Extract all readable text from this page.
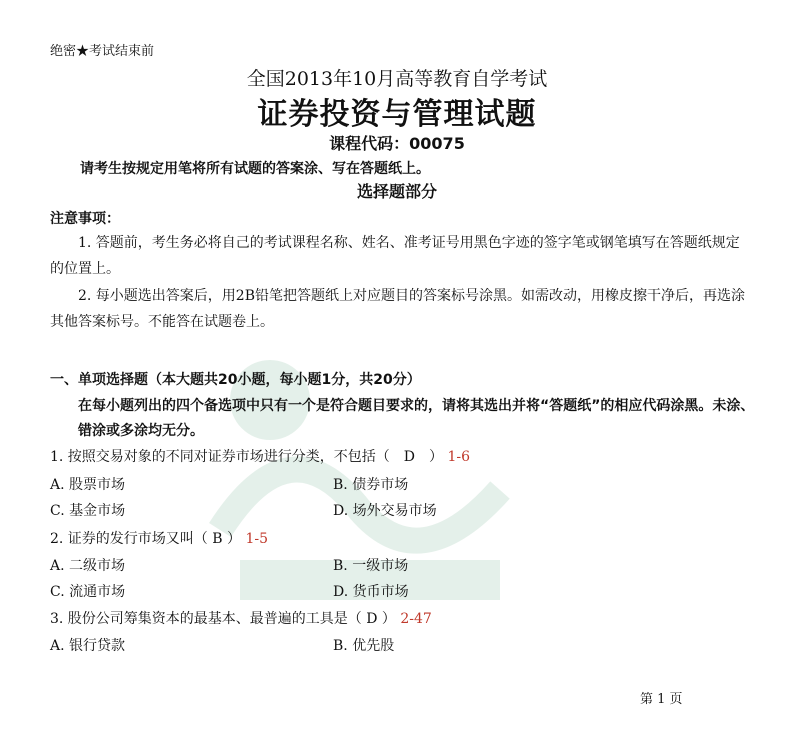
绝密★考试结束前
全国2013年10月高等教育自学考试
证券投资与管理试题
课程代码：00075
请考生按规定用笔将所有试题的答案涂、写在答题纸上。
选择题部分
注意事项：
1. 答题前，考生务必将自己的考试课程名称、姓名、准考证号用黑色字迹的签字笔或钢笔填写在答题纸规定的位置上。
2. 每小题选出答案后，用2B铅笔把答题纸上对应题目的答案标号涂黑。如需改动，用橡皮擦干净后，再选涂其他答案标号。不能答在试题卷上。
一、单项选择题（本大题共20小题，每小题1分，共20分）
在每小题列出的四个备选项中只有一个是符合题目要求的，请将其选出并将“答题纸”的相应代码涂黑。未涂、错涂或多涂均无分。
1. 按照交易对象的不同对证券市场进行分类，不包括（　D　） 1-6
A. 股票市场	B. 债券市场
C. 基金市场	D. 场外交易市场
2. 证券的发行市场又叫（ B ） 1-5
A. 二级市场	B. 一级市场
C. 流通市场	D. 货币市场
3. 股份公司筹集资本的最基本、最普遍的工具是（ D ） 2-47
A. 银行贷款	B. 优先股
第 1 页
